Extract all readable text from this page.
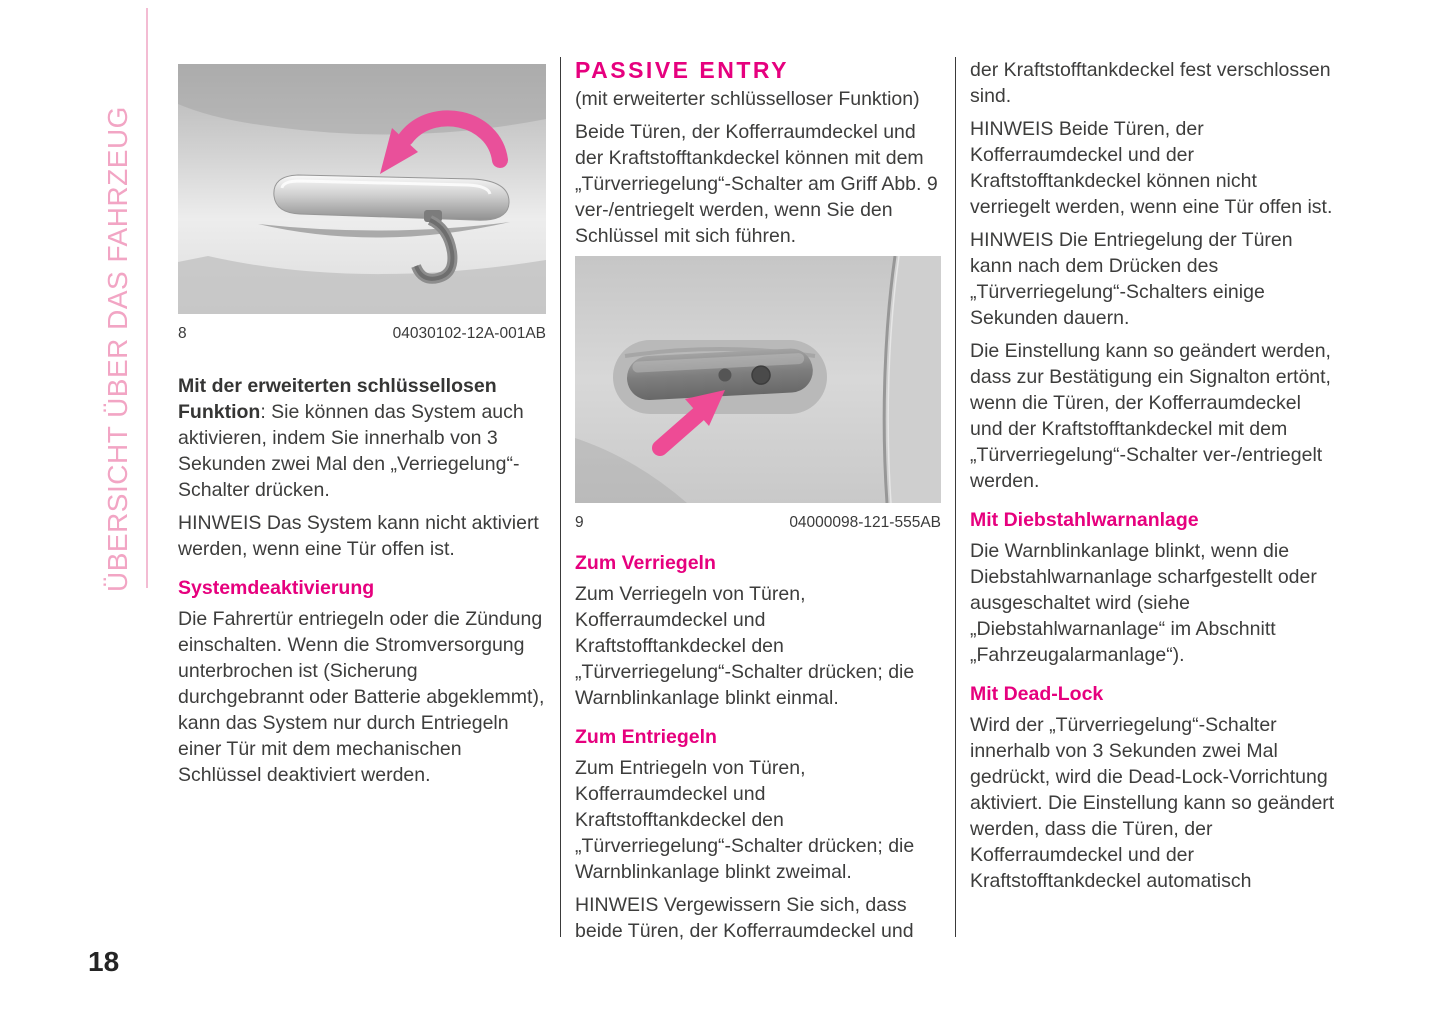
ÜBERSICHT ÜBER DAS FAHRZEUG
18
8	04030102-12A-001AB

Mit der erweiterten schlüssellosen Funktion: Sie können das System auch aktivieren, indem Sie innerhalb von 3 Sekunden zwei Mal den „Verriegelung“-Schalter drücken.

HINWEIS Das System kann nicht aktiviert werden, wenn eine Tür offen ist.

Systemdeaktivierung

Die Fahrertür entriegeln oder die Zündung einschalten. Wenn die Stromversorgung unterbrochen ist (Sicherung durchgebrannt oder Batterie abgeklemmt), kann das System nur durch Entriegeln einer Tür mit dem mechanischen Schlüssel deaktiviert werden.

PASSIVE ENTRY

(mit erweiterter schlüsselloser Funktion)

Beide Türen, der Kofferraumdeckel und der Kraftstofftankdeckel können mit dem „Türverriegelung“-Schalter am Griff Abb. 9 ver-/entriegelt werden, wenn Sie den Schlüssel mit sich führen.

9	04000098-121-555AB
Zum Verriegeln

Zum Verriegeln von Türen, Kofferraumdeckel und Kraftstofftankdeckel den „Türverriegelung“-Schalter drücken; die Warnblinkanlage blinkt einmal.

Zum Entriegeln

Zum Entriegeln von Türen, Kofferraumdeckel und Kraftstofftankdeckel den „Türverriegelung“-Schalter drücken; die Warnblinkanlage blinkt zweimal.

HINWEIS Vergewissern Sie sich, dass beide Türen, der Kofferraumdeckel und

der Kraftstofftankdeckel fest verschlossen sind.

HINWEIS Beide Türen, der Kofferraumdeckel und der Kraftstofftankdeckel können nicht verriegelt werden, wenn eine Tür offen ist.

HINWEIS Die Entriegelung der Türen kann nach dem Drücken des „Türverriegelung“-Schalters einige Sekunden dauern.

Die Einstellung kann so geändert werden, dass zur Bestätigung ein Signalton ertönt, wenn die Türen, der Kofferraumdeckel und der Kraftstofftankdeckel mit dem „Türverriegelung“-Schalter ver-/entriegelt werden.

Mit Diebstahlwarnanlage

Die Warnblinkanlage blinkt, wenn die Diebstahlwarnanlage scharfgestellt oder ausgeschaltet wird (siehe „Diebstahlwarnanlage“ im Abschnitt „Fahrzeugalarmanlage“).

Mit Dead-Lock

Wird der „Türverriegelung“-Schalter innerhalb von 3 Sekunden zwei Mal gedrückt, wird die Dead-Lock-Vorrichtung aktiviert. Die Einstellung kann so geändert werden, dass die Türen, der Kofferraumdeckel und der Kraftstofftankdeckel automatisch
